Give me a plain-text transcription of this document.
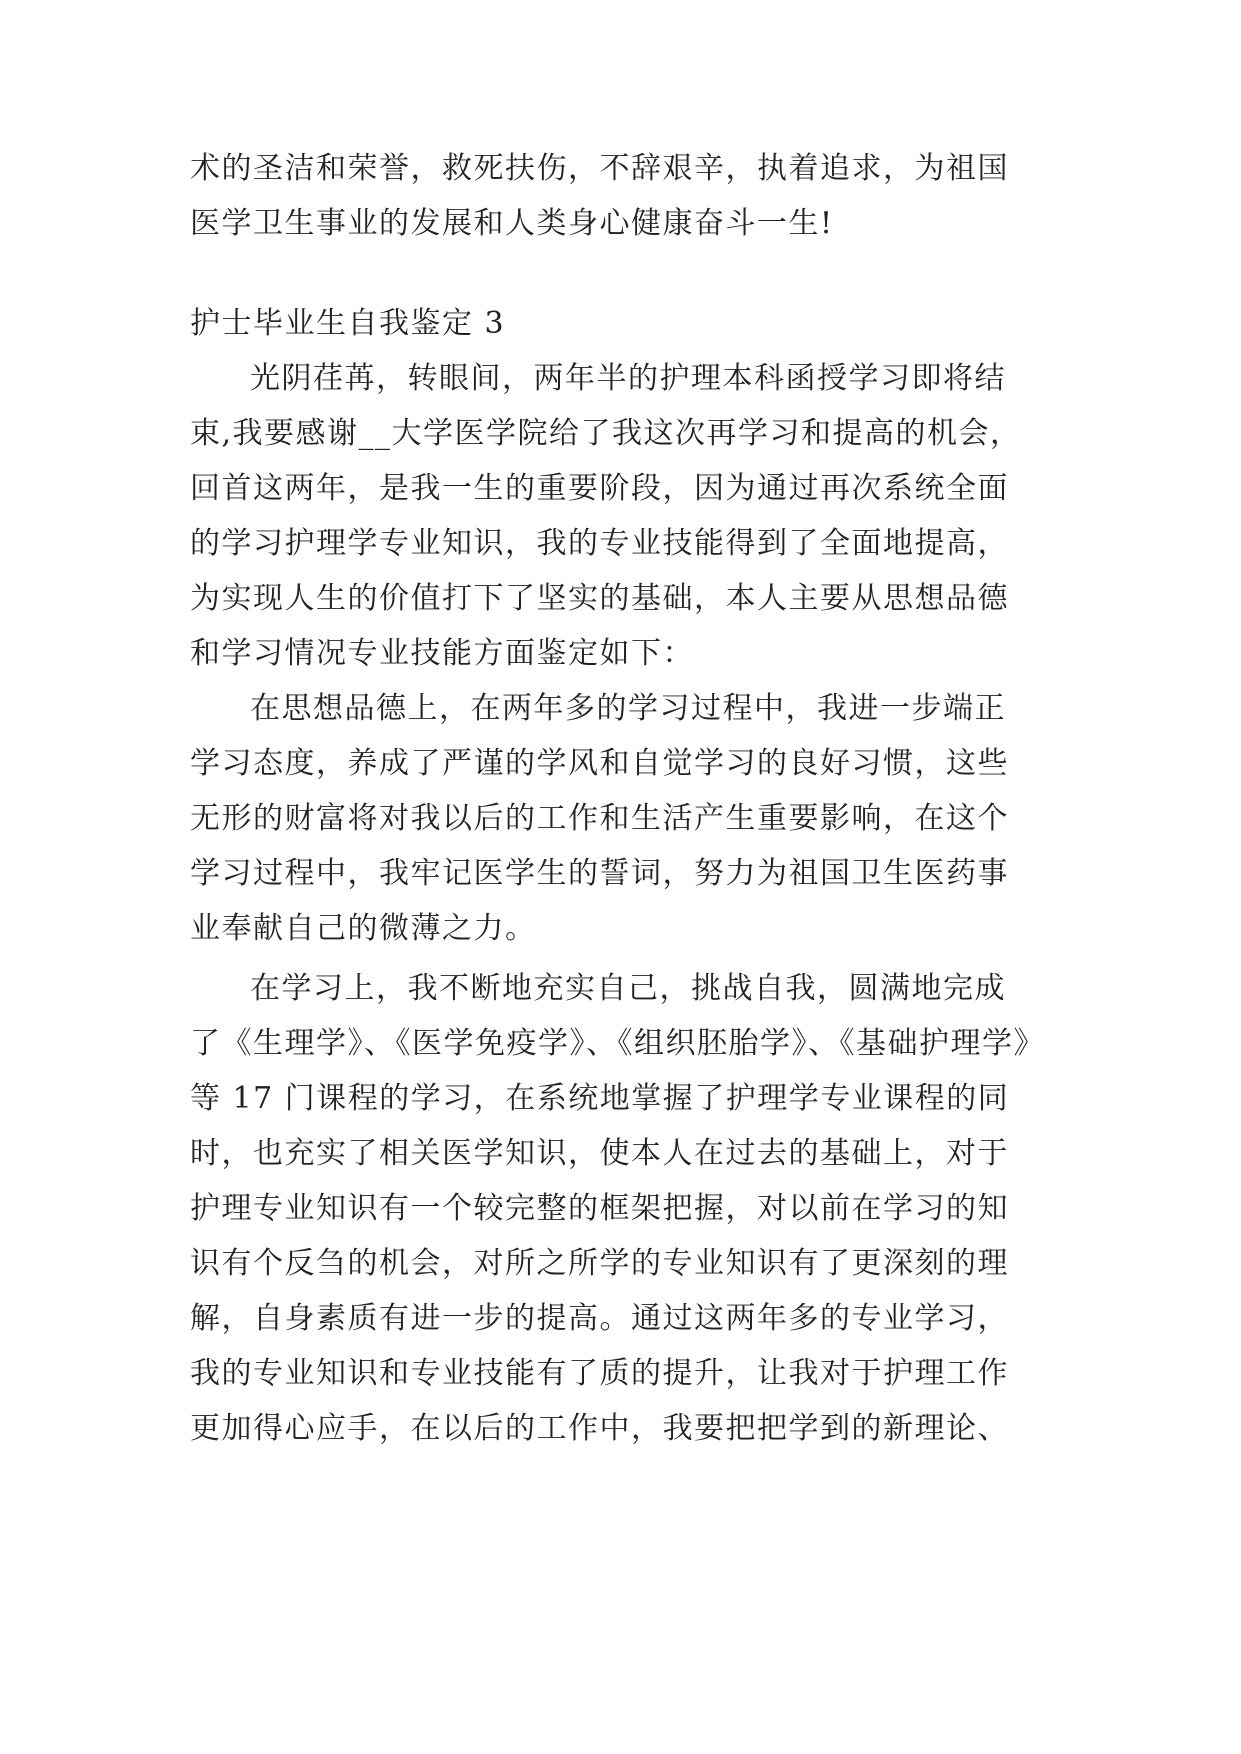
术的圣洁和荣誉，救死扶伤，不辞艰辛，执着追求，为祖国
医学卫生事业的发展和人类身心健康奋斗一生!
护士毕业生自我鉴定 3
光阴荏苒，转眼间，两年半的护理本科函授学习即将结
束,我要感谢__大学医学院给了我这次再学习和提高的机会，
回首这两年，是我一生的重要阶段，因为通过再次系统全面
的学习护理学专业知识，我的专业技能得到了全面地提高，
为实现人生的价值打下了坚实的基础，本人主要从思想品德
和学习情况专业技能方面鉴定如下：
在思想品德上，在两年多的学习过程中，我进一步端正
学习态度，养成了严谨的学风和自觉学习的良好习惯，这些
无形的财富将对我以后的工作和生活产生重要影响，在这个
学习过程中，我牢记医学生的誓词，努力为祖国卫生医药事
业奉献自己的微薄之力。
在学习上，我不断地充实自己，挑战自我，圆满地完成
了《生理学》、《医学免疫学》、《组织胚胎学》、《基础护理学》
等 17 门课程的学习，在系统地掌握了护理学专业课程的同
时，也充实了相关医学知识，使本人在过去的基础上，对于
护理专业知识有一个较完整的框架把握，对以前在学习的知
识有个反刍的机会，对所之所学的专业知识有了更深刻的理
解，自身素质有进一步的提高。通过这两年多的专业学习，
我的专业知识和专业技能有了质的提升，让我对于护理工作
更加得心应手，在以后的工作中，我要把把学到的新理论、
